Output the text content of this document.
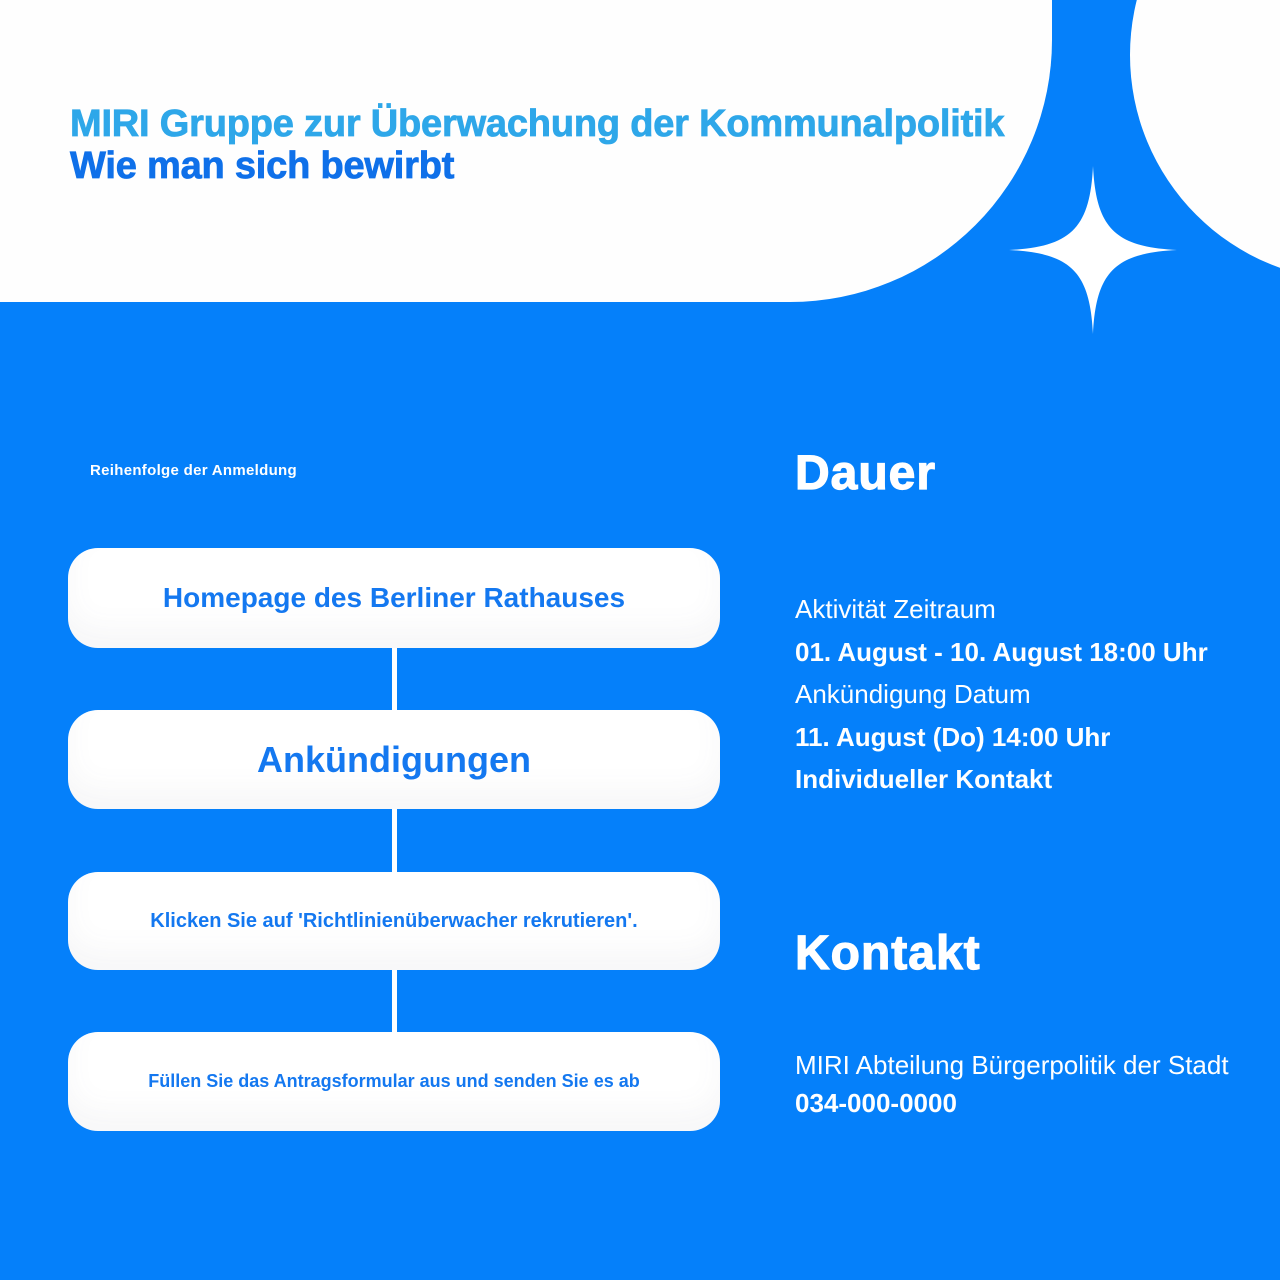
MIRI Gruppe zur Überwachung der Kommunalpolitik
Wie man sich bewirbt
Reihenfolge der Anmeldung
Homepage des Berliner Rathauses
Ankündigungen
Klicken Sie auf 'Richtlinienüberwacher rekrutieren'.
Füllen Sie das Antragsformular aus und senden Sie es ab
Dauer
Aktivität Zeitraum
01. August - 10. August 18:00 Uhr
Ankündigung Datum
11. August (Do) 14:00 Uhr
Individueller Kontakt
Kontakt
MIRI Abteilung Bürgerpolitik der Stadt
034-000-0000
